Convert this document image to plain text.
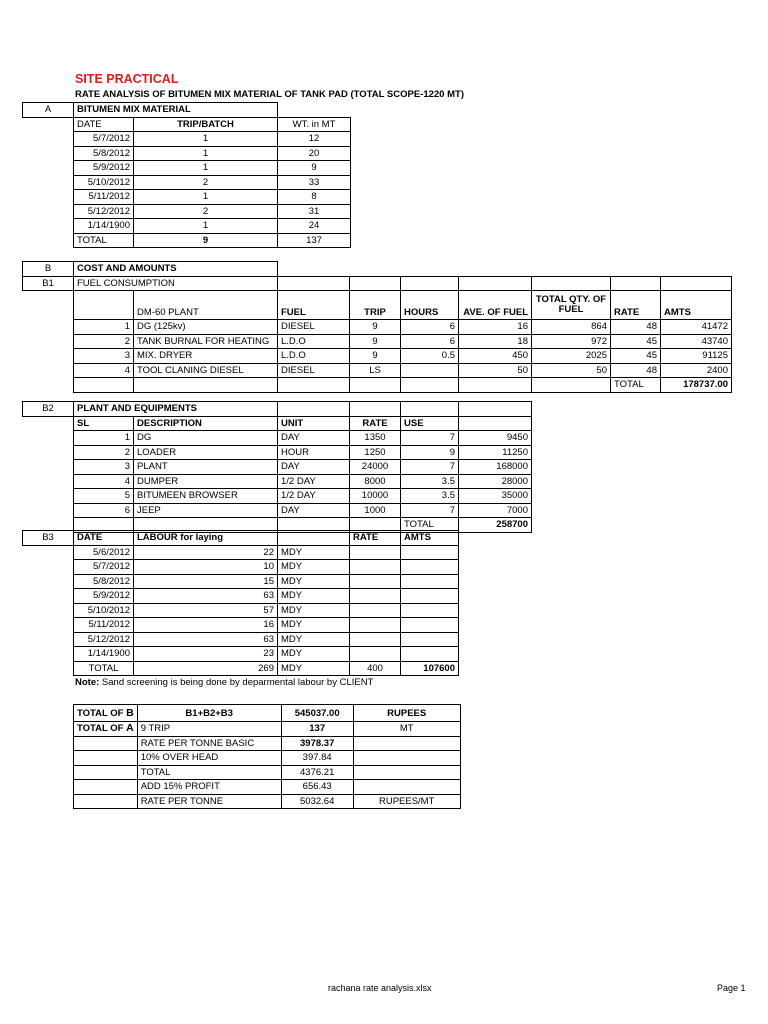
SITE PRACTICAL
RATE ANALYSIS OF BITUMEN MIX MATERIAL OF TANK PAD (TOTAL SCOPE-1220 MT)
A	BITUMEN MIX MATERIAL		
	DATE	TRIP/BATCH	WT. in MT
	5/7/2012	1	12
	5/8/2012	1	20
	5/9/2012	1	9
	5/10/2012	2	33
	5/11/2012	1	8
	5/12/2012	2	31
	1/14/1900	1	24
	TOTAL	9	137
B	COST AND AMOUNTS								
B1	FUEL CONSUMPTION								
		DM-60 PLANT	FUEL	TRIP	HOURS	AVE. OF FUEL	TOTAL QTY. OF FUEL	RATE	AMTS
	1	DG (125kv)	DIESEL	9	6	16	864	48	41472
	2	TANK BURNAL FOR HEATING	L.D.O	9	6	18	972	45	43740
	3	MIX. DRYER	L.D.O	9	0.5	450	2025	45	91125
	4	TOOL CLANING DIESEL	DIESEL	LS		50	50	48	2400
								TOTAL	178737.00
B2	PLANT AND EQUIPMENTS					
	SL	DESCRIPTION	UNIT	RATE	USE	
	1	DG	DAY	1350	7	9450
	2	LOADER	HOUR	1250	9	11250
	3	PLANT	DAY	24000	7	168000
	4	DUMPER	1/2 DAY	8000	3.5	28000
	5	BITUMEEN BROWSER	1/2 DAY	10000	3.5	35000
	6	JEEP	DAY	1000	7	7000
					TOTAL	258700
B3	DATE	LABOUR for laying		RATE	AMTS
	5/6/2012	22	MDY		
	5/7/2012	10	MDY		
	5/8/2012	15	MDY		
	5/9/2012	63	MDY		
	5/10/2012	57	MDY		
	5/11/2012	16	MDY		
	5/12/2012	63	MDY		
	1/14/1900	23	MDY		
	TOTAL	269	MDY	400	107600
Note: Sand screening is being done by deparmental labour by CLIENT
TOTAL OF B	B1+B2+B3	545037.00	RUPEES
TOTAL OF A	9 TRIP	137	MT
	RATE PER TONNE BASIC	3978.37	
	10% OVER HEAD	397.84	
	TOTAL	4376.21	
	ADD 15% PROFIT	656.43	
	RATE PER TONNE	5032.64	RUPEES/MT
rachana rate analysis.xlsx	Page 1
